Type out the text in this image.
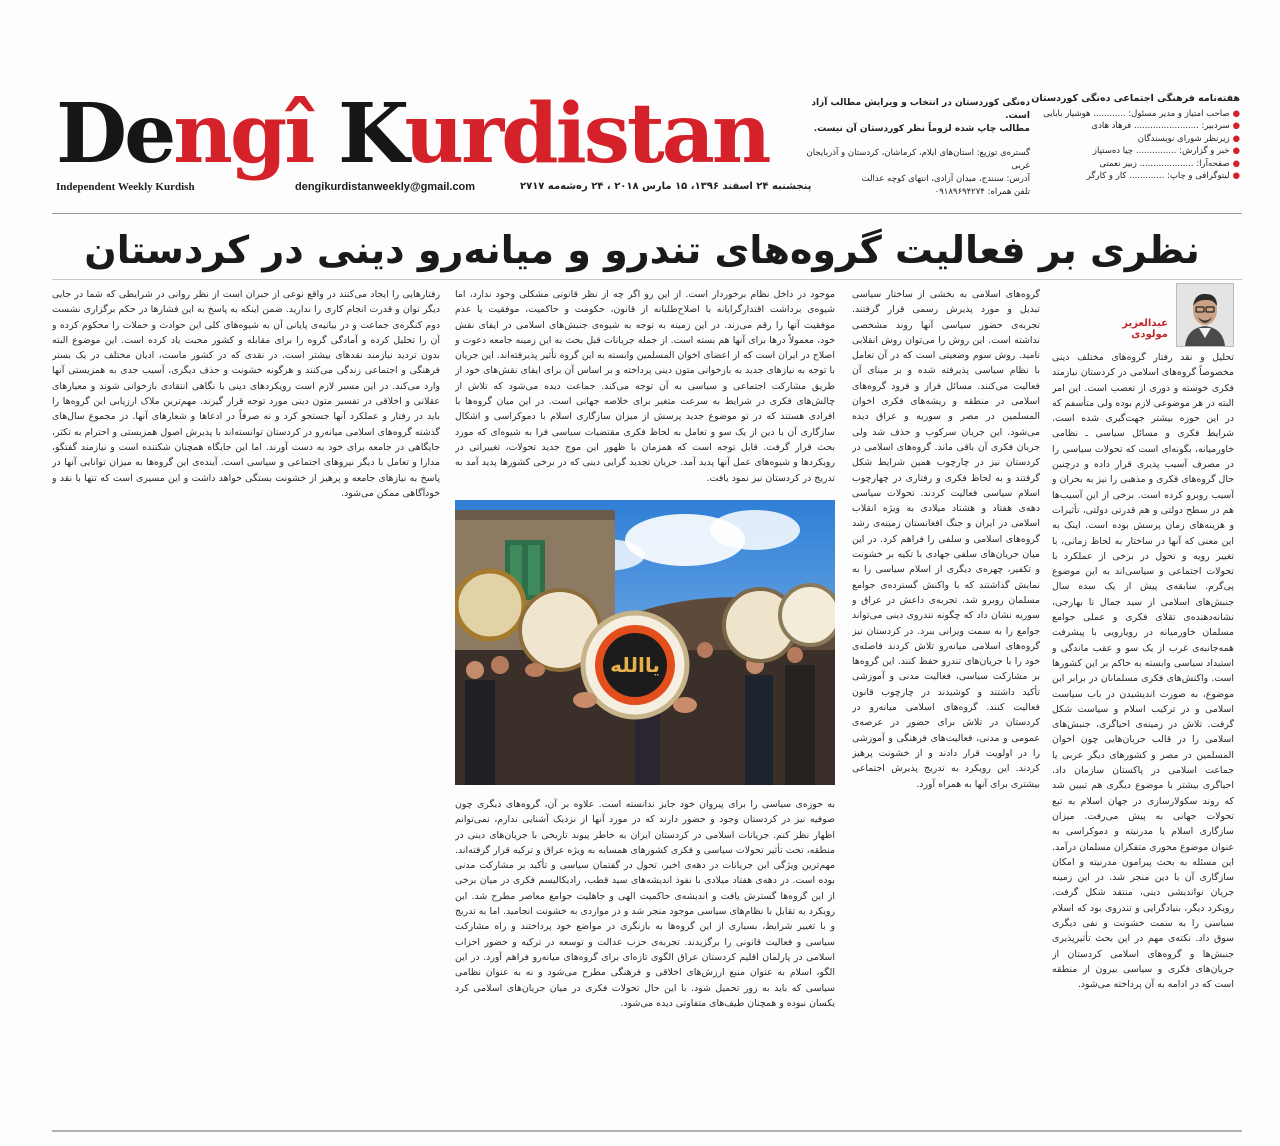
Dengî Kurdistan
Independent Weekly Kurdish	dengikurdistanweekly@gmail.com	پنجشنبه ۲۴ اسفند ۱۳۹۶، ۱۵ مارس ۲۰۱۸ ، ۲۴ رەشەمە ۲۷۱۷
دەنگی کوردستان در انتخاب و ویرایش مطالب آزاد است.
مطالب چاپ شده لزوماً نظر کوردستان آن نیست.
گستره‌ی توزیع: استان‌های ایلام، کرماشان، کردستان و آذربایجان غربی
آدرس: سنندج، میدان آزادی، انتهای کوچه عدالت
تلفن همراه: ۰۹۱۸۹۶۹۴۲۷۴
هفته‌نامه فرهنگی اجتماعی دەنگی کوردستان
●صاحب امتیاز و مدیر مسئول: ............ هوشیار بابایی
●سردبیر: ........................ فرهاد هادی
●زیرنظر شورای نویسندگان
●خبر و گزارش: ............... چیا دەستپاز
●صفحه‌آرا: .................... زبیر نعمتی
●لیتوگرافی و چاپ: ............. کار و کارگر
نظری بر فعالیت گروه‌های تندرو و میانه‌رو دینی در کردستان
عبدالعزیز مولودی

تحلیل و نقد رفتار گروه‌های مختلف دینی مخصوصاً گروه‌های اسلامی در کردستان نیازمند فکری خوسته و دوری از تعصب است. این امر البته در هر موضوعی لازم بوده ولی متأسفم که در این حوزه بیشتر جهت‌گیری شده است. شرایط فکری و مسائل سیاسی ـ نظامی خاورمیانه، بگونه‌ای است که تحولات سیاسی را در مصرف آسیب پذیری قرار داده و درچنین حال گروه‌های فکری و مذهبی را نیز به بحران و آسیب روبرو کرده است. برخی از این آسیب‌ها هم در سطح دولتی و هم قدرتی دولتی، تأثیرات و هزینه‌های زمان پرسش بوده است. اینک به این معنی که آنها در ساختار به لحاظ زمانی، با تغییر رویه و تحول در برخی از عملکرد با تحولات اجتماعی و سیاسی‌اند به این موضوع پی‌گرم. سابقه‌ی پیش از یک سده سال جنبش‌های اسلامی از سید جمال تا بهارجی، نشانه‌دهنده‌ی تقلای فکری و عملی جوامع مسلمان خاورمیانه در رویارویی با پیشرفت همه‌جانبه‌ی غرب از یک سو و عقب ماندگی و استبداد سیاسی وابسته به حاکم بر این کشورها است. واکنش‌های فکری مسلمانان در برابر این موضوع، به صورت اندیشیدن در باب سیاست اسلامی و در ترکیب اسلام و سیاست شکل گرفت. تلاش در زمینه‌ی احیاگری، جنبش‌های اسلامی را در قالب جریان‌هایی چون اخوان المسلمین در مصر و کشورهای دیگر عربی یا جماعت اسلامی در پاکستان سازمان داد. احیاگری بیشتر با موضوع دیگری هم تبیین شد که روند سکولارسازی در جهان اسلام به تبع تحولات جهانی به پیش می‌رفت. میزان سازگاری اسلام یا مدرنیته و دموکراسی به عنوان موضوع محوری متفکران مسلمان درآمد. این مسئله به بحث پیرامون مدرنیته و امکان سازگاری آن با دین منجر شد. در این زمینه جریان نواندیشی دینی، منتقد شکل گرفت. رویکرد دیگر، بنیادگرایی و تندروی بود که اسلام سیاسی را به سمت خشونت و نفی دیگری سوق داد. نکته‌ی مهم در این بحث تأثیرپذیری جنبش‌ها و گروه‌های اسلامی کردستان از جریان‌های فکری و سیاسی بیرون از منطقه است که در ادامه به آن پرداخته می‌شود.

گروه‌های اسلامی به بخشی از ساختار سیاسی تبدیل و مورد پذیرش رسمی قرار گرفتند. تجربه‌ی حضور سیاسی آنها روند مشخصی نداشته است. این روش را می‌توان روش انقلابی نامید. روش سوم وضعیتی است که در آن تعامل با نظام سیاسی پذیرفته شده و بر مبنای آن فعالیت می‌کنند. مسائل فراز و فرود گروه‌های اسلامی در منطقه و ریشه‌های فکری اخوان المسلمین در مصر و سوریه و عراق دیده می‌شود. این جریان سرکوب و حذف شد ولی جریان فکری آن باقی ماند. گروه‌های اسلامی در کردستان نیز در چارچوب همین شرایط شکل گرفتند و به لحاظ فکری و رفتاری در چهارچوب اسلام سیاسی فعالیت کردند. تحولات سیاسی دهه‌ی هفتاد و هشتاد میلادی به ویژه انقلاب اسلامی در ایران و جنگ افغانستان زمینه‌ی رشد گروه‌های اسلامی و سلفی را فراهم کرد. در این میان جریان‌های سلفی جهادی با تکیه بر خشونت و تکفیر، چهره‌ی دیگری از اسلام سیاسی را به نمایش گذاشتند که با واکنش گسترده‌ی جوامع مسلمان روبرو شد. تجربه‌ی داعش در عراق و سوریه نشان داد که چگونه تندروی دینی می‌تواند جوامع را به سمت ویرانی ببرد. در کردستان نیز گروه‌های اسلامی میانه‌رو تلاش کردند فاصله‌ی خود را با جریان‌های تندرو حفظ کنند. این گروه‌ها بر مشارکت سیاسی، فعالیت مدنی و آموزشی تأکید داشتند و کوشیدند در چارچوب قانون فعالیت کنند. گروه‌های اسلامی میانه‌رو در کردستان در تلاش برای حضور در عرصه‌ی عمومی و مدنی، فعالیت‌های فرهنگی و آموزشی را در اولویت قرار دادند و از خشونت پرهیز کردند. این رویکرد به تدریج پذیرش اجتماعی بیشتری برای آنها به همراه آورد.

موجود در داخل نظام برخوردار است. از این رو اگر چه از نظر قانونی مشکلی وجود ندارد، اما شیوه‌ی برداشت اقتدارگرایانه با اصلاح‌طلبانه از قانون، حکومت و حاکمیت، موفقیت یا عدم موفقیت آنها را رقم می‌زند. در این زمینه به توجه به شیوه‌ی جنبش‌های اسلامی در ایفای نقش خود، معمولاً درها برای آنها هم بسته است. از جمله جریانات قبل بحث به این زمینه جامعه دعوت و اصلاح در ایران است که از اعضای اخوان المسلمین وابسته به این گروه تأثیر پذیرفته‌اند. این جریان با توجه به نیازهای جدید به بازخوانی متون دینی پرداخته و بر اساس آن برای ایفای نقش‌های خود از طریق مشارکت اجتماعی و سیاسی به آن توجه می‌کند. جماعت دیده می‌شود که تلاش از چالش‌های فکری در شرایط به سرعت متغیر برای خلاصه جهانی است. در این میان گروه‌ها با افرادی هستند که در تو موضوع جدید پرسش از میزان سازگاری اسلام با دموکراسی و اشکال سازگاری آن با دین از یک سو و تعامل به لحاظ فکری مقتضیات سیاسی فرا به شیوه‌ای که مورد بحث قرار گرفت. قابل توجه است که همزمان با ظهور این موج جدید تحولات، تغییراتی در رویکردها و شیوه‌های عمل آنها پدید آمد. جریان تجدید گرایی دینی که در برخی کشورها پدید آمد به تدریج در کردستان نیز نمود یافت.

به حوزه‌ی سیاسی را برای پیروان خود جایز ندانسته است. علاوه بر آن، گروه‌های دیگری چون صوفیه نیز در کردستان وجود و حضور دارند که در مورد آنها از نزدیک آشنایی ندارم، نمی‌توانم اظهار نظر کنم. جریانات اسلامی در کردستان ایران به خاطر پیوند تاریخی با جریان‌های دینی در منطقه، تحت تأثیر تحولات سیاسی و فکری کشورهای همسایه به ویژه عراق و ترکیه قرار گرفته‌اند. مهم‌ترین ویژگی این جریانات در دهه‌ی اخیر، تحول در گفتمان سیاسی و تأکید بر مشارکت مدنی بوده است. در دهه‌ی هفتاد میلادی با نفوذ اندیشه‌های سید قطب، رادیکالیسم فکری در میان برخی از این گروه‌ها گسترش یافت و اندیشه‌ی حاکمیت الهی و جاهلیت جوامع معاصر مطرح شد. این رویکرد به تقابل با نظام‌های سیاسی موجود منجر شد و در مواردی به خشونت انجامید. اما به تدریج و با تغییر شرایط، بسیاری از این گروه‌ها به بازنگری در مواضع خود پرداختند و راه مشارکت سیاسی و فعالیت قانونی را برگزیدند. تجربه‌ی حزب عدالت و توسعه در ترکیه و حضور احزاب اسلامی در پارلمان اقلیم کردستان عراق الگوی تازه‌ای برای گروه‌های میانه‌رو فراهم آورد. در این الگو، اسلام به عنوان منبع ارزش‌های اخلاقی و فرهنگی مطرح می‌شود و نه به عنوان نظامی سیاسی که باید به زور تحمیل شود. با این حال تحولات فکری در میان جریان‌های اسلامی کرد یکسان نبوده و همچنان طیف‌های متفاوتی دیده می‌شود.

رفتارهایی را ایجاد می‌کنند در واقع نوعی از جبران است از نظر روانی در شرایطی که شما در جایی دیگر توان و قدرت انجام کاری را ندارید. ضمن اینکه به پاسخ به این فشارها در حکم برگزاری نشست دوم کنگره‌ی جماعت و در بیانیه‌ی پایانی آن به شیوه‌های کلی این حوادث و حملات را محکوم کرده و آن را تحلیل کرده و آمادگی گروه را برای مقابله و کشور محبت یاد کرده است. این موضوع البته بدون تردید نیازمند نقدهای بیشتر است. در نقدی که در کشور ماست، ادیان مختلف در یک بستر فرهنگی و اجتماعی زندگی می‌کنند و هرگونه خشونت و حذف دیگری، آسیب جدی به همزیستی آنها وارد می‌کند. در این مسیر لازم است رویکردهای دینی با نگاهی انتقادی بازخوانی شوند و معیارهای عقلانی و اخلاقی در تفسیر متون دینی مورد توجه قرار گیرند. مهم‌ترین ملاک ارزیابی این گروه‌ها را باید در رفتار و عملکرد آنها جستجو کرد و نه صرفاً در ادعاها و شعارهای آنها. در مجموع سال‌های گذشته گروه‌های اسلامی میانه‌رو در کردستان توانسته‌اند با پذیرش اصول همزیستی و احترام به تکثر، جایگاهی در جامعه برای خود به دست آورند. اما این جایگاه همچنان شکننده است و نیازمند گفتگو، مدارا و تعامل با دیگر نیروهای اجتماعی و سیاسی است. آینده‌ی این گروه‌ها به میزان توانایی آنها در پاسخ به نیازهای جامعه و پرهیز از خشونت بستگی خواهد داشت و این مسیری است که تنها با نقد و خودآگاهی ممکن می‌شود.

یاالله
